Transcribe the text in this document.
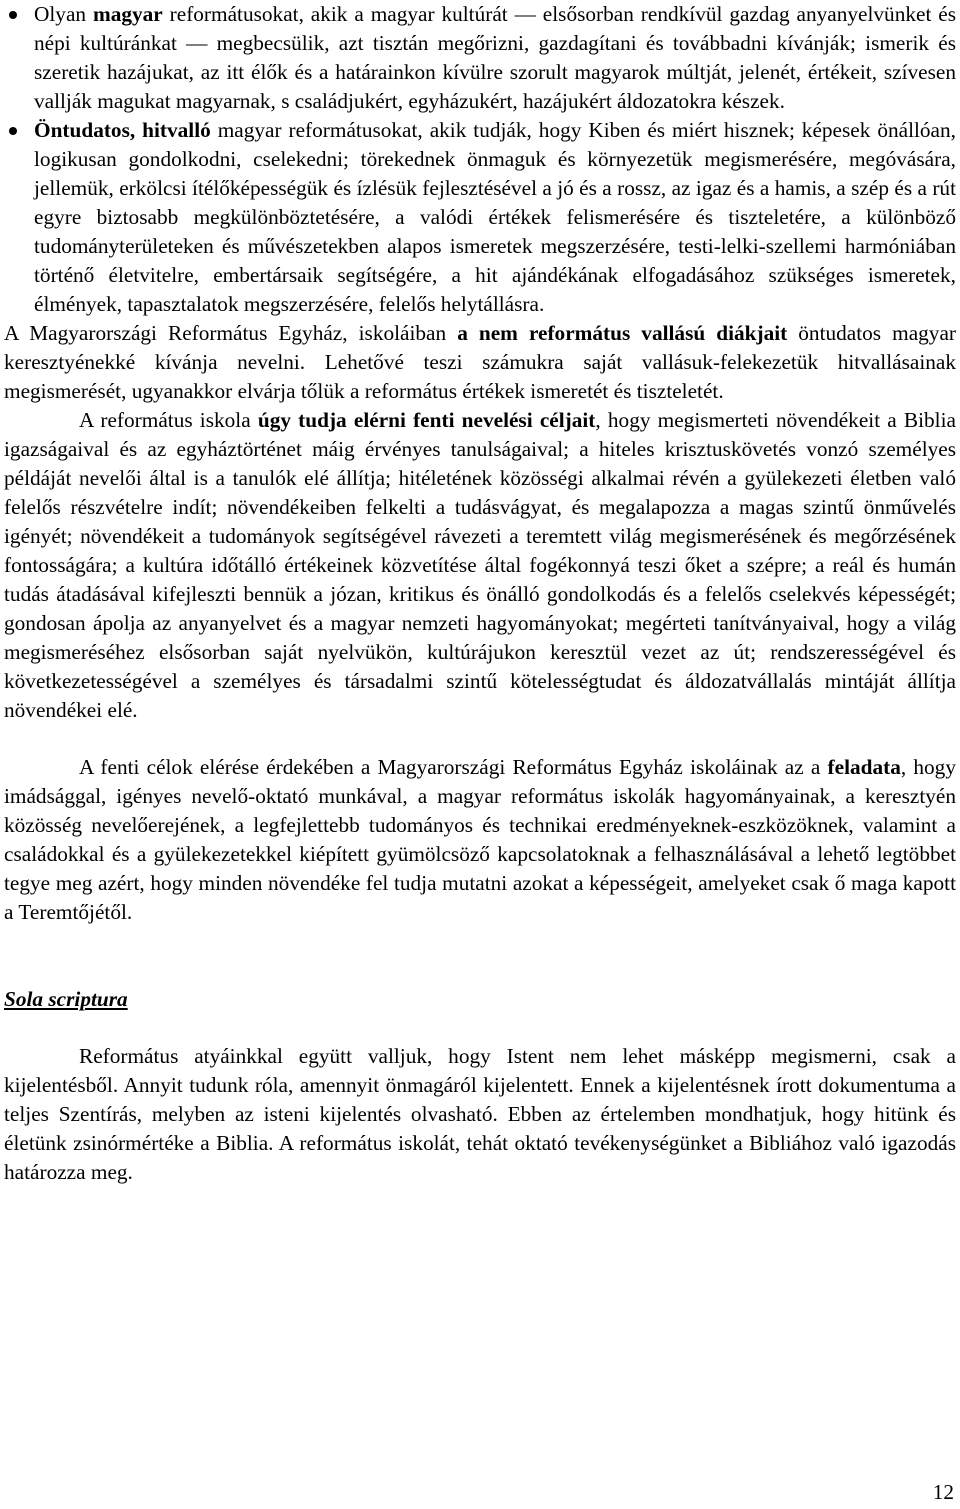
Olyan magyar reformátusokat, akik a magyar kultúrát — elsősorban rendkívül gazdag anyanyelvünket és népi kultúránkat — megbecsülik, azt tisztán megőrizni, gazdagítani és továbbadni kívánják; ismerik és szeretik hazájukat, az itt élők és a határainkon kívülre szorult magyarok múltját, jelenét, értékeit, szívesen vallják magukat magyarnak, s családjukért, egyházukért, hazájukért áldozatokra készek.
Öntudatos, hitvalló magyar reformátusokat, akik tudják, hogy Kiben és miért hisznek; képesek önállóan, logikusan gondolkodni, cselekedni; törekednek önmaguk és környezetük megismerésére, megóvására, jellemük, erkölcsi ítélőképességük és ízlésük fejlesztésével a jó és a rossz, az igaz és a hamis, a szép és a rút egyre biztosabb megkülönböztetésére, a valódi értékek felismerésére és tiszteletére, a különböző tudományterületeken és művészetekben alapos ismeretek megszerzésére, testi-lelki-szellemi harmóniában történő életvitelre, embertársaik segítségére, a hit ajándékának elfogadásához szükséges ismeretek, élmények, tapasztalatok megszerzésére, felelős helytállásra.

A Magyarországi Református Egyház, iskoláiban a nem református vallású diákjait öntudatos magyar keresztyénekké kívánja nevelni. Lehetővé teszi számukra saját vallásuk-felekezetük hitvallásainak megismerését, ugyanakkor elvárja tőlük a református értékek ismeretét és tiszteletét.

A református iskola úgy tudja elérni fenti nevelési céljait, hogy megismerteti növendékeit a Biblia igazságaival és az egyháztörténet máig érvényes tanulságaival; a hiteles krisztuskövetés vonzó személyes példáját nevelői által is a tanulók elé állítja; hitéletének közösségi alkalmai révén a gyülekezeti életben való felelős részvételre indít; növendékeiben felkelti a tudásvágyat, és megalapozza a magas szintű önművelés igényét; növendékeit a tudományok segítségével rávezeti a teremtett világ megismerésének és megőrzésének fontosságára; a kultúra időtálló értékeinek közvetítése által fogékonnyá teszi őket a szépre; a reál és humán tudás átadásával kifejleszti bennük a józan, kritikus és önálló gondolkodás és a felelős cselekvés képességét; gondosan ápolja az anyanyelvet és a magyar nemzeti hagyományokat; megérteti tanítványaival, hogy a világ megismeréséhez elsősorban saját nyelvükön, kultúrájukon keresztül vezet az út; rendszerességével és következetességével a személyes és társadalmi szintű kötelességtudat és áldozatvállalás mintáját állítja növendékei elé.

A fenti célok elérése érdekében a Magyarországi Református Egyház iskoláinak az a feladata, hogy imádsággal, igényes nevelő-oktató munkával, a magyar református iskolák hagyományainak, a keresztyén közösség nevelőerejének, a legfejlettebb tudományos és technikai eredményeknek-eszközöknek, valamint a családokkal és a gyülekezetekkel kiépített gyümölcsöző kapcsolatoknak a felhasználásával a lehető legtöbbet tegye meg azért, hogy minden növendéke fel tudja mutatni azokat a képességeit, amelyeket csak ő maga kapott a Teremtőjétől.

Sola scriptura

Református atyáinkkal együtt valljuk, hogy Istent nem lehet másképp megismerni, csak a kijelentésből. Annyit tudunk róla, amennyit önmagáról kijelentett. Ennek a kijelentésnek írott dokumentuma a teljes Szentírás, melyben az isteni kijelentés olvasható. Ebben az értelemben mondhatjuk, hogy hitünk és életünk zsinórmértéke a Biblia. A református iskolát, tehát oktató tevékenységünket a Bibliához való igazodás határozza meg.

12
